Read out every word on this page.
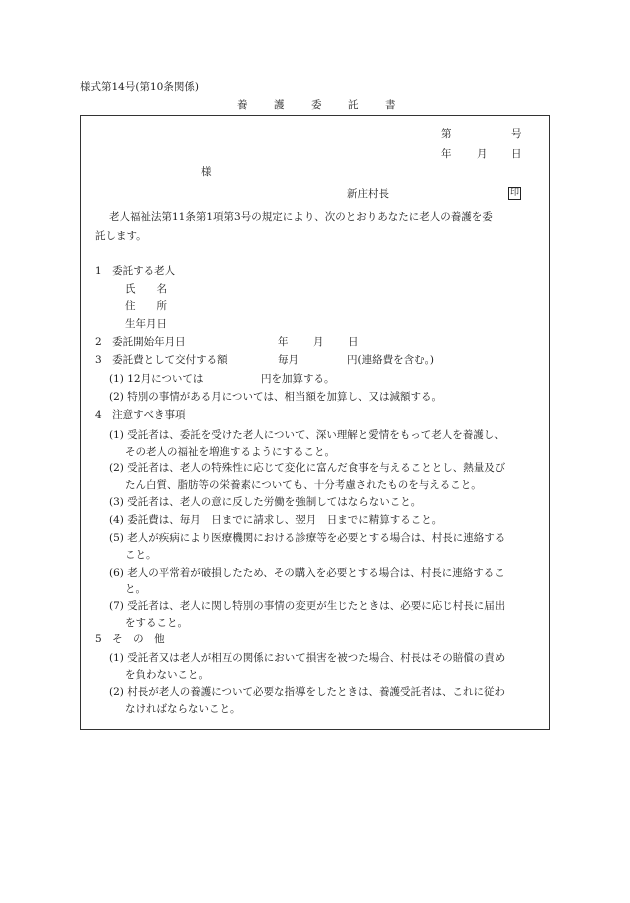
様式第14号(第10条関係)
養	護	委	託	書
第	号
年 月 日
様
新庄村長	印
老人福祉法第11条第1項第3号の規定により、次のとおりあなたに老人の養護を委
託します。
1　委託する老人
氏　　名
住　　所
生年月日
2　委託開始年月日	年 月 日
3　委託費として交付する額	毎月	円(連絡費を含む。)
(1) 12月については	円を加算する。
(2) 特別の事情がある月については、相当額を加算し、又は減額する。
4　注意すべき事項
(1) 受託者は、委託を受けた老人について、深い理解と愛情をもって老人を養護し、
その老人の福祉を増進するようにすること。
(2) 受託者は、老人の特殊性に応じて変化に富んだ食事を与えることとし、熱量及び
たん白質、脂肪等の栄養素についても、十分考慮されたものを与えること。
(3) 受託者は、老人の意に反した労働を強制してはならないこと。
(4) 委託費は、毎月　日までに請求し、翌月　日までに精算すること。
(5) 老人が疾病により医療機関における診療等を必要とする場合は、村長に連絡する
こと。
(6) 老人の平常着が破損したため、その購入を必要とする場合は、村長に連絡するこ
と。
(7) 受託者は、老人に関し特別の事情の変更が生じたときは、必要に応じ村長に届出
をすること。
5　そ　の　他
(1) 受託者又は老人が相互の関係において損害を被つた場合、村長はその賠償の責め
を負わないこと。
(2) 村長が老人の養護について必要な指導をしたときは、養護受託者は、これに従わ
なければならないこと。
